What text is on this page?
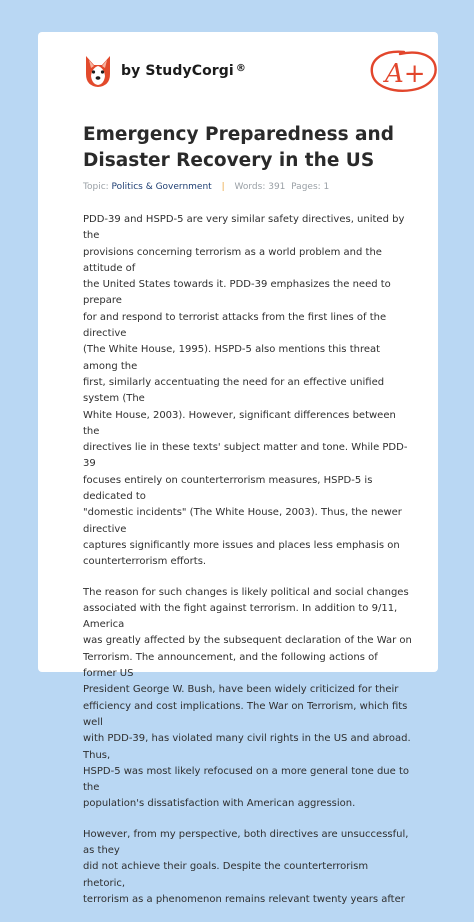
by StudyCorgi ®	A+
Emergency Preparedness and
Disaster Recovery in the US
Topic: Politics & Government | Words: 391 Pages: 1

PDD-39 and HSPD-5 are very similar safety directives, united by the
provisions concerning terrorism as a world problem and the attitude of
the United States towards it. PDD-39 emphasizes the need to prepare
for and respond to terrorist attacks from the first lines of the directive
(The White House, 1995). HSPD-5 also mentions this threat among the
first, similarly accentuating the need for an effective unified system (The
White House, 2003). However, significant differences between the
directives lie in these texts' subject matter and tone. While PDD-39
focuses entirely on counterterrorism measures, HSPD-5 is dedicated to
"domestic incidents" (The White House, 2003). Thus, the newer directive
captures significantly more issues and places less emphasis on
counterterrorism efforts.

The reason for such changes is likely political and social changes
associated with the fight against terrorism. In addition to 9/11, America
was greatly affected by the subsequent declaration of the War on
Terrorism. The announcement, and the following actions of former US
President George W. Bush, have been widely criticized for their
efficiency and cost implications. The War on Terrorism, which fits well
with PDD-39, has violated many civil rights in the US and abroad. Thus,
HSPD-5 was most likely refocused on a more general tone due to the
population's dissatisfaction with American aggression.

However, from my perspective, both directives are unsuccessful, as they
did not achieve their goals. Despite the counterterrorism rhetoric,
terrorism as a phenomenon remains relevant twenty years after
